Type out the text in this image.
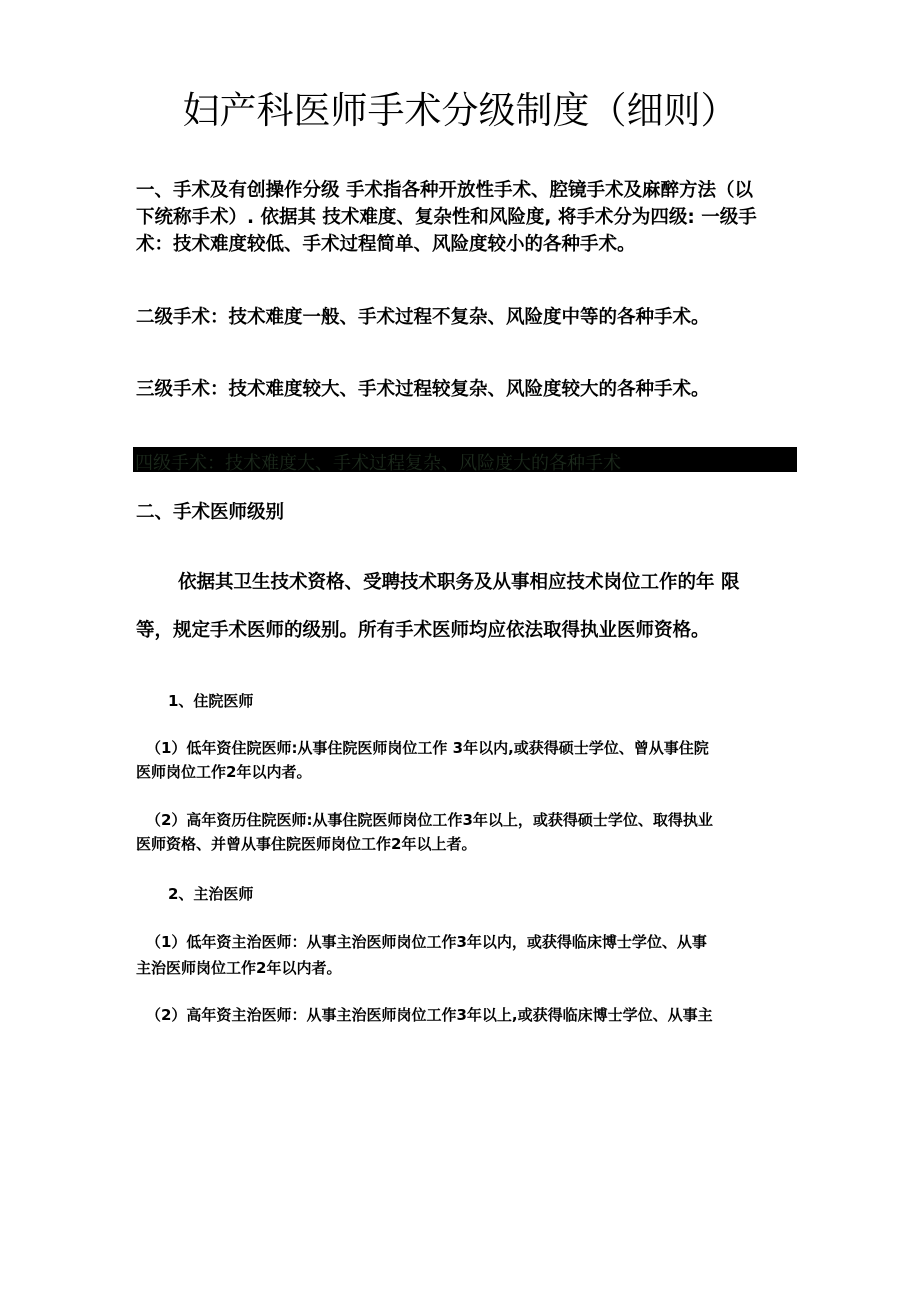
妇产科医师手术分级制度（细则）
一、手术及有创操作分级 手术指各种开放性手术、腔镜手术及麻醉方法（以
下统称手术）. 依据其 技术难度、复杂性和风险度, 将手术分为四级: 一级手
术：技术难度较低、手术过程简单、风险度较小的各种手术。
二级手术：技术难度一般、手术过程不复杂、风险度中等的各种手术。
三级手术：技术难度较大、手术过程较复杂、风险度较大的各种手术。
四级手术：技术难度大、手术过程复杂、风险度大的各种手术
二、手术医师级别
依据其卫生技术资格、受聘技术职务及从事相应技术岗位工作的年 限
等，规定手术医师的级别。所有手术医师均应依法取得执业医师资格。
1、住院医师
（1）低年资住院医师:从事住院医师岗位工作 3年以内,或获得硕士学位、曾从事住院
医师岗位工作2年以内者。
（2）高年资历住院医师:从事住院医师岗位工作3年以上，或获得硕士学位、取得执业
医师资格、并曾从事住院医师岗位工作2年以上者。
2、主治医师
（1）低年资主治医师：从事主治医师岗位工作3年以内，或获得临床博士学位、从事
主治医师岗位工作2年以内者。
（2）高年资主治医师：从事主治医师岗位工作3年以上,或获得临床博士学位、从事主
